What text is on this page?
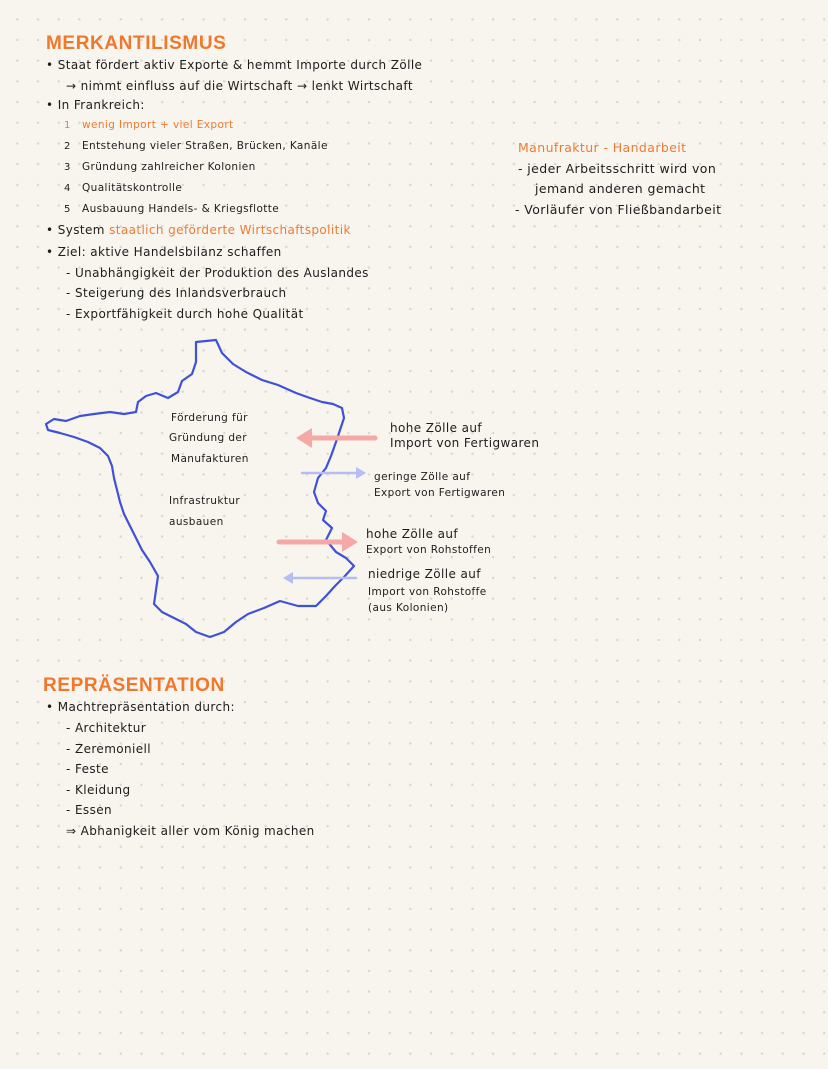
MERKANTILISMUS
• Staat fördert aktiv Exporte & hemmt Importe durch Zölle
→ nimmt einfluss auf die Wirtschaft → lenkt Wirtschaft
• In Frankreich:
1 wenig Import + viel Export
2 Entstehung vieler Straßen, Brücken, Kanäle
3 Gründung zahlreicher Kolonien
4 Qualitätskontrolle
5 Ausbauung Handels- & Kriegsflotte
• System staatlich geförderte Wirtschaftspolitik
• Ziel: aktive Handelsbilanz schaffen
- Unabhängigkeit der Produktion des Auslandes
- Steigerung des Inlandsverbrauch
- Exportfähigkeit durch hohe Qualität
Manufraktur - Handarbeit
- jeder Arbeitsschritt wird von
jemand anderen gemacht
- Vorläufer von Fließbandarbeit
Förderung für
Gründung der
Manufakturen
Infrastruktur
ausbauen
hohe Zölle auf
Import von Fertigwaren
geringe Zölle auf
Export von Fertigwaren
hohe Zölle auf
Export von Rohstoffen
niedrige Zölle auf
Import von Rohstoffe
(aus Kolonien)
REPRÄSENTATION
• Machtrepräsentation durch:
- Architektur
- Zeremoniell
- Feste
- Kleidung
- Essen
⇒ Abhanigkeit aller vom König machen
